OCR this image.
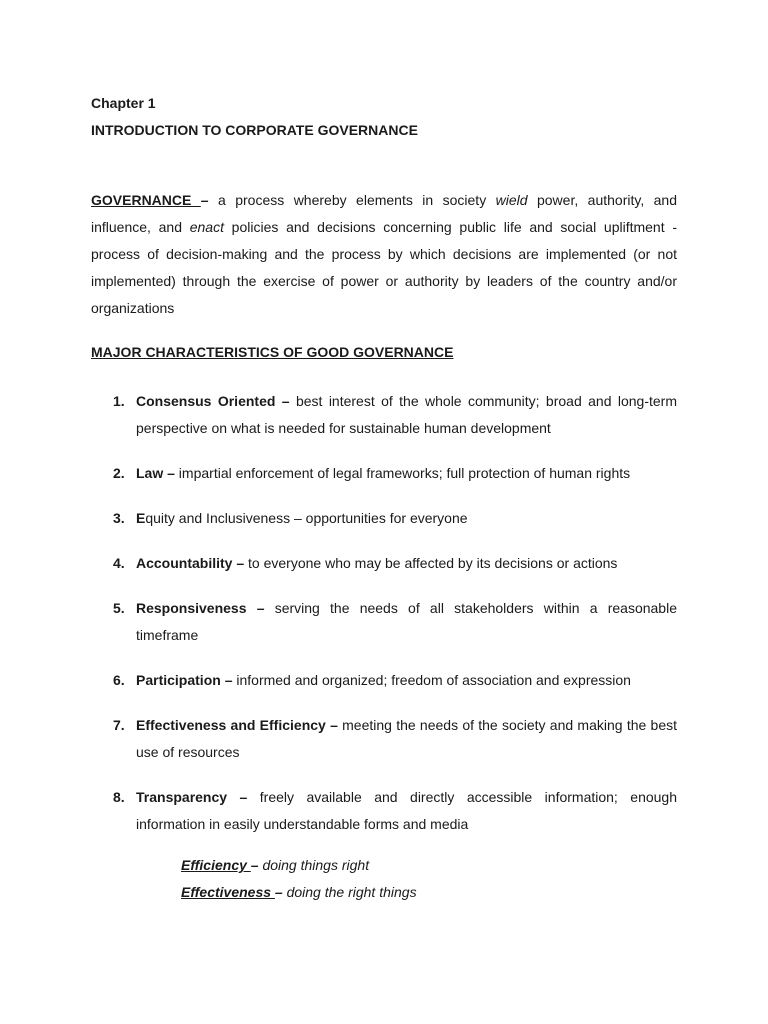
Chapter 1
INTRODUCTION TO CORPORATE GOVERNANCE

GOVERNANCE – a process whereby elements in society wield power, authority, and influence, and enact policies and decisions concerning public life and social upliftment - process of decision-making and the process by which decisions are implemented (or not implemented) through the exercise of power or authority by leaders of the country and/or organizations

MAJOR CHARACTERISTICS OF GOOD GOVERNANCE
1. Consensus Oriented – best interest of the whole community; broad and long-term perspective on what is needed for sustainable human development
2. Law – impartial enforcement of legal frameworks; full protection of human rights
3. Equity and Inclusiveness – opportunities for everyone
4. Accountability – to everyone who may be affected by its decisions or actions
5. Responsiveness – serving the needs of all stakeholders within a reasonable timeframe
6. Participation – informed and organized; freedom of association and expression
7. Effectiveness and Efficiency – meeting the needs of the society and making the best use of resources
8. Transparency – freely available and directly accessible information; enough information in easily understandable forms and media
Efficiency – doing things right
Effectiveness – doing the right things
